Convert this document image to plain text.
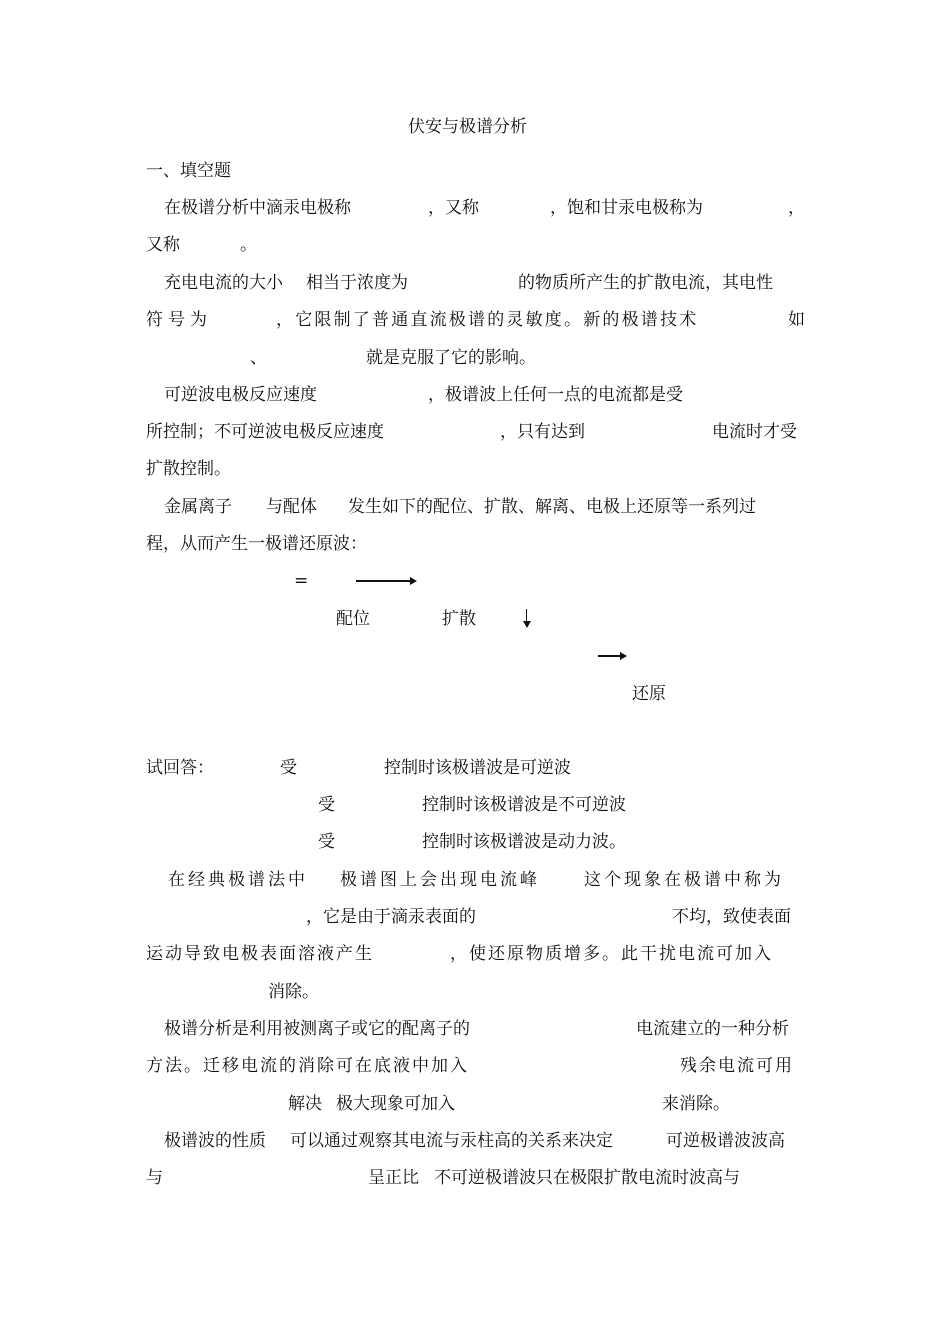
伏安与极谱分析
一、填空题
在极谱分析中滴汞电极称	，又称	，饱和甘汞电极称为	，
又称	。
充电电流的大小 相当于浓度为	的物质所产生的扩散电流，其电性
符号为	，它限制了普通直流极谱的灵敏度。新的极谱技术	如
、	就是克服了它的影响。
可逆波电极反应速度	，极谱波上任何一点的电流都是受
所控制；不可逆波电极反应速度	，只有达到	电流时才受
扩散控制。
金属离子 与配体 发生如下的配位、扩散、解离、电极上还原等一系列过
程，从而产生一极谱还原波：
=
配位	扩散
还原
试回答：	受	控制时该极谱波是可逆波
受	控制时该极谱波是不可逆波
受	控制时该极谱波是动力波。
在经典极谱法中 极谱图上会出现电流峰	这个现象在极谱中称为
，它是由于滴汞表面的	不均，致使表面
运动导致电极表面溶液产生	，使还原物质增多。此干扰电流可加入
消除。
极谱分析是利用被测离子或它的配离子的	电流建立的一种分析
方法。迁移电流的消除可在底液中加入	残余电流可用
解决 极大现象可加入	来消除。
极谱波的性质 可以通过观察其电流与汞柱高的关系来决定	可逆极谱波波高
与	呈正比 不可逆极谱波只在极限扩散电流时波高与
